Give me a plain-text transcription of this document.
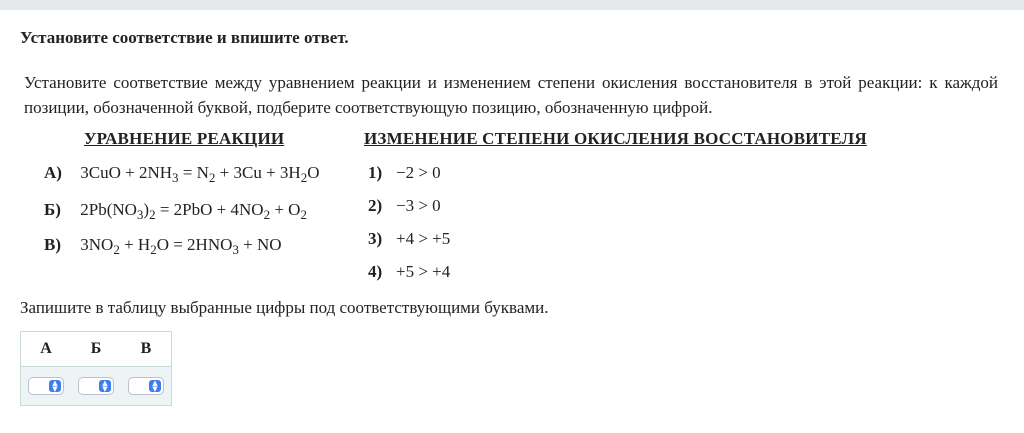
Установите соответствие и впишите ответ.
Установите соответствие между уравнением реакции и изменением степени окисления восстановителя в этой реакции: к каждой позиции, обозначенной буквой, подберите соответствующую позицию, обозначенную цифрой.
УРАВНЕНИЕ РЕАКЦИИ	ИЗМЕНЕНИЕ СТЕПЕНИ ОКИСЛЕНИЯ ВОССТАНОВИТЕЛЯ
А) $3CuO + 2NH_3 = N_2 + 3Cu + 3H_2O$
Б) $2Pb(NO_3)_2 = 2PbO + 4NO_2 + O_2$
В) $3NO_2 + H_2O = 2HNO_3$ + NO
1) −2 > 0
2) −3 > 0
3) +4 > +5
4) +5 > +4
Запишите в таблицу выбранные цифры под соответствующими буквами.
А	Б	В

▲
▼	▲
▼	▲
▼
